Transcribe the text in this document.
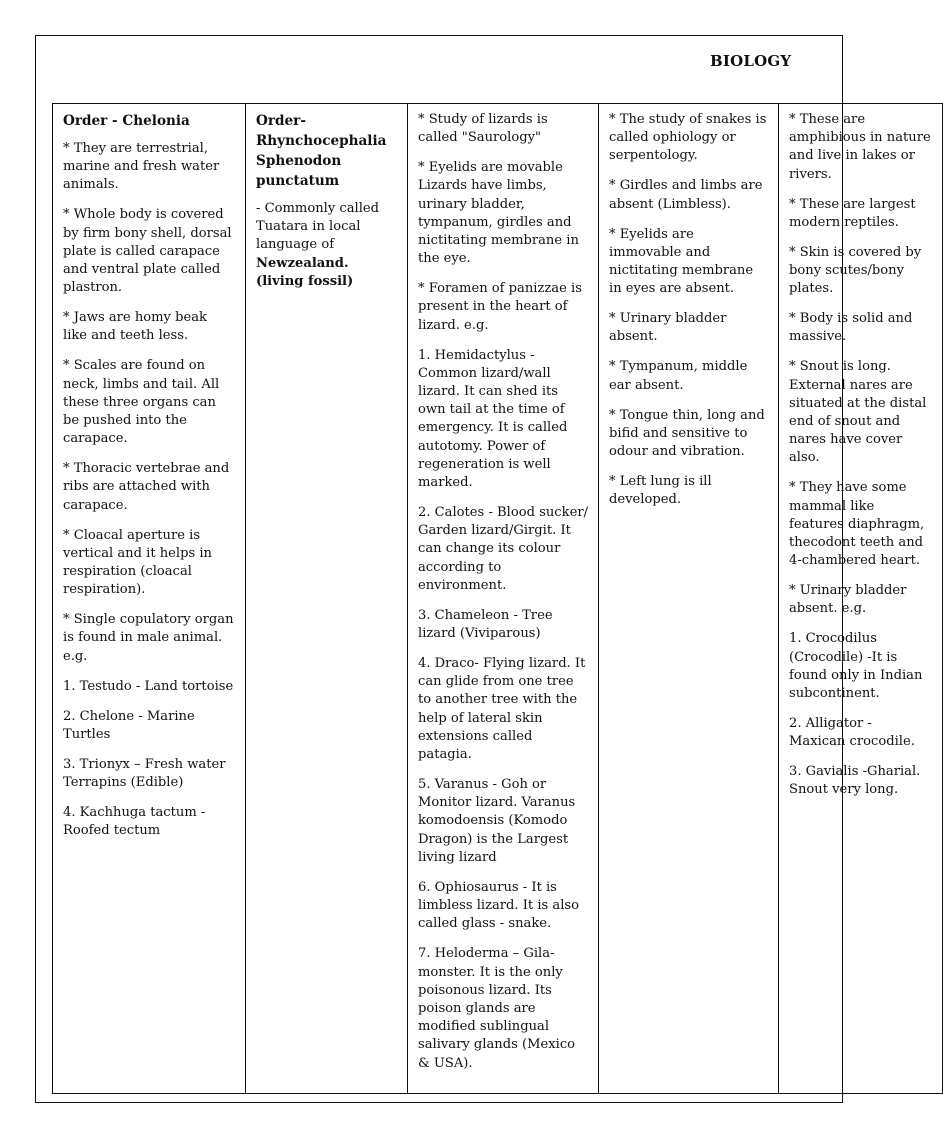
BIOLOGY
Order - Chelonia
* They are terrestrial, marine and fresh water animals.
* Whole body is covered by firm bony shell, dorsal plate is called carapace and ventral plate called plastron.
* Jaws are homy beak like and teeth less.
* Scales are found on neck, limbs and tail. All these three organs can be pushed into the carapace.
* Thoracic vertebrae and ribs are attached with carapace.
* Cloacal aperture is vertical and it helps in respiration (cloacal respiration).
* Single copulatory organ is found in male animal. e.g.
1. Testudo - Land tortoise
2. Chelone - Marine Turtles
3. Trionyx – Fresh water Terrapins (Edible)
4. Kachhuga tactum - Roofed tectum

Order- Rhynchocephalia Sphenodon punctatum
- Commonly called Tuatara in local language of Newzealand. (living fossil)

* Study of lizards is called "Saurology"
* Eyelids are movable Lizards have limbs, urinary bladder, tympanum, girdles and nictitating membrane in the eye.
* Foramen of panizzae is present in the heart of lizard. e.g.
1. Hemidactylus - Common lizard/wall lizard. It can shed its own tail at the time of emergency. It is called autotomy. Power of regeneration is well marked.
2. Calotes - Blood sucker/ Garden lizard/Girgit. It can change its colour according to environment.
3. Chameleon - Tree lizard (Viviparous)
4. Draco- Flying lizard. It can glide from one tree to another tree with the help of lateral skin extensions called patagia.
5. Varanus - Goh or Monitor lizard. Varanus komodoensis (Komodo Dragon) is the Largest living lizard
6. Ophiosaurus - It is limbless lizard. It is also called glass - snake.
7. Heloderma – Gila-monster. It is the only poisonous lizard. Its poison glands are modified sublingual salivary glands (Mexico & USA).

* The study of snakes is called ophiology or serpentology.
* Girdles and limbs are absent (Limbless).
* Eyelids are immovable and nictitating membrane in eyes are absent.
* Urinary bladder absent.
* Tympanum, middle ear absent.
* Tongue thin, long and bifid and sensitive to odour and vibration.
* Left lung is ill developed.

* These are amphibious in nature and live in lakes or rivers.
* These are largest modern reptiles.
* Skin is covered by bony scutes/bony plates.
* Body is solid and massive.
* Snout is long. External nares are situated at the distal end of snout and nares have cover also.
* They have some mammal like features diaphragm, thecodont teeth and 4-chambered heart.
* Urinary bladder absent. e.g.
1. Crocodilus (Crocodile) -It is found only in Indian subcontinent.
2. Alligator - Maxican crocodile.
3. Gavialis -Gharial. Snout very long.
